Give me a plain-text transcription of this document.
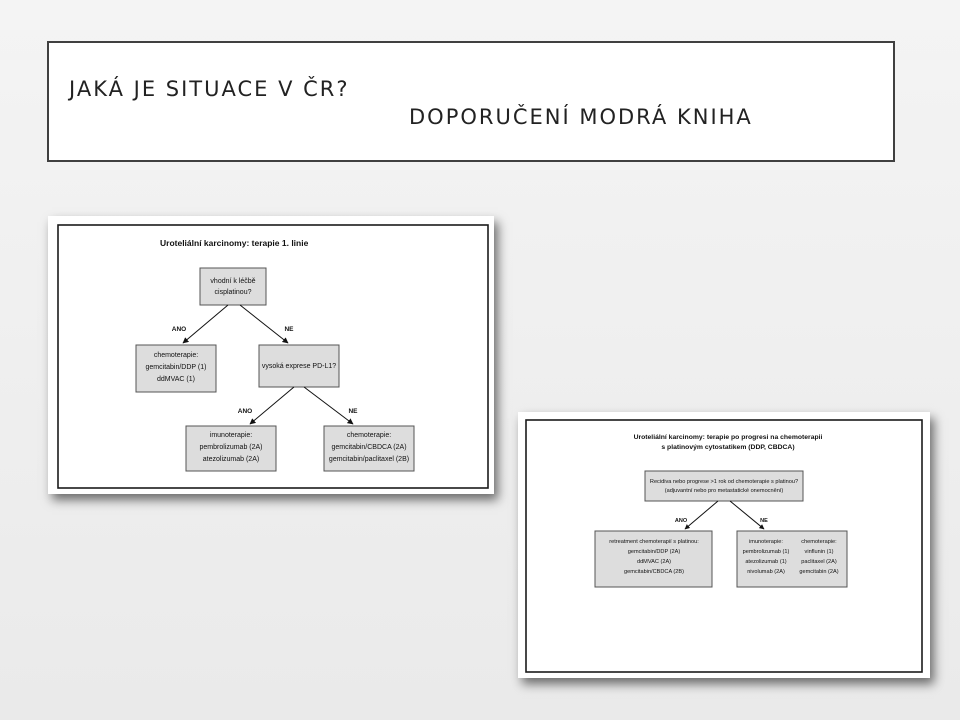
JAKÁ JE SITUACE V ČR?
DOPORUČENÍ MODRÁ KNIHA
Uroteliální karcinomy: terapie 1. linie
vhodní k léčbě
cisplatinou?
ANO	NE
chemoterapie:
gemcitabin/DDP (1)
ddMVAC (1)
vysoká exprese PD-L1?
ANO	NE
imunoterapie:
pembrolizumab (2A)
atezolizumab (2A)
chemoterapie:
gemcitabin/CBDCA (2A)
gemcitabin/paclitaxel (2B)
Uroteliální karcinomy: terapie po progresi na chemoterapii
s platinovým cytostatikem (DDP, CBDCA)
Recidiva nebo progrese >1 rok od chemoterapie s platinou?
(adjuvantní nebo pro metastatické onemocnění)
ANO	NE
retreatment chemoterapií s platinou:
gemcitabin/DDP (2A)
ddMVAC (2A)
gemcitabin/CBDCA (2B)
imunoterapie:
pembrolizumab (1)
atezolizumab (1)
nivolumab (2A)
chemoterapie:
vinflunin (1)
paclitaxel (2A)
gemcitabin (2A)
